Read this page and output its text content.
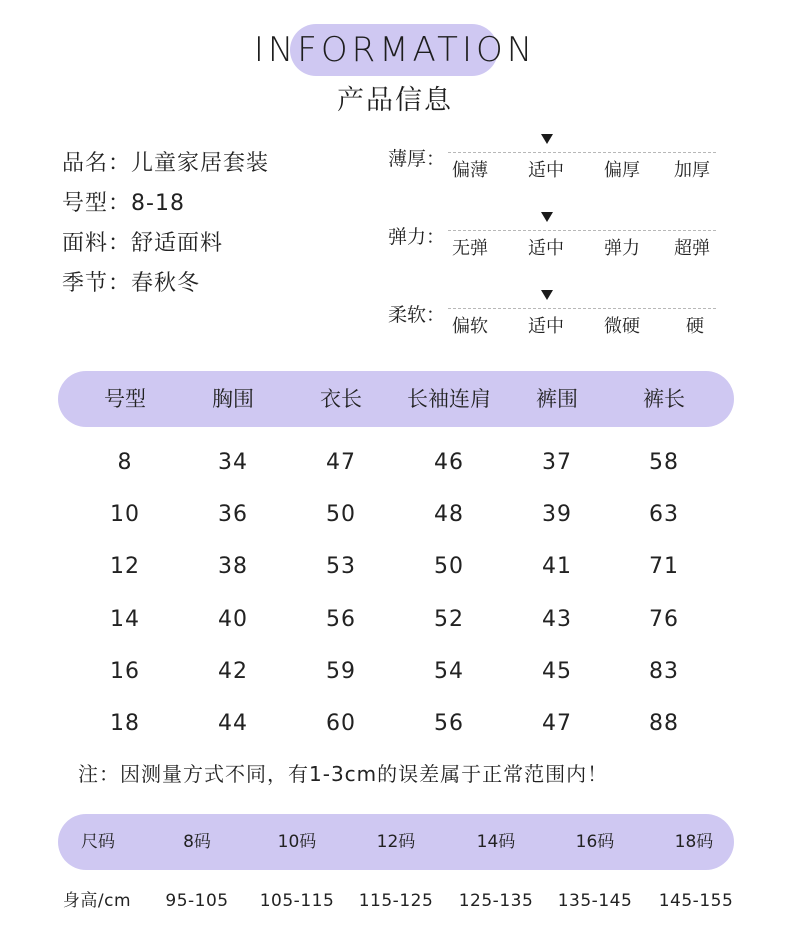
INFORMATION
产品信息
品名：儿童家居套装
号型：8-18
面料：舒适面料
季节：春秋冬
薄厚：
偏薄 适中 偏厚 加厚
弹力：
无弹 适中 弹力 超弹
柔软：
偏软 适中 微硬	硬
号型	胸围	衣长	长袖连肩	裤围	裤长
8	34	47	46	37	58
10	36	50	48	39	63
12	38	53	50	41	71
14	40	56	52	43	76
16	42	59	54	45	83
18	44	60	56	47	88
注：因测量方式不同，有1-3cm的误差属于正常范围内！
尺码	8码	10码	12码	14码	16码	18码
身高/cm	95-105	105-115	115-125	125-135	135-145	145-155
